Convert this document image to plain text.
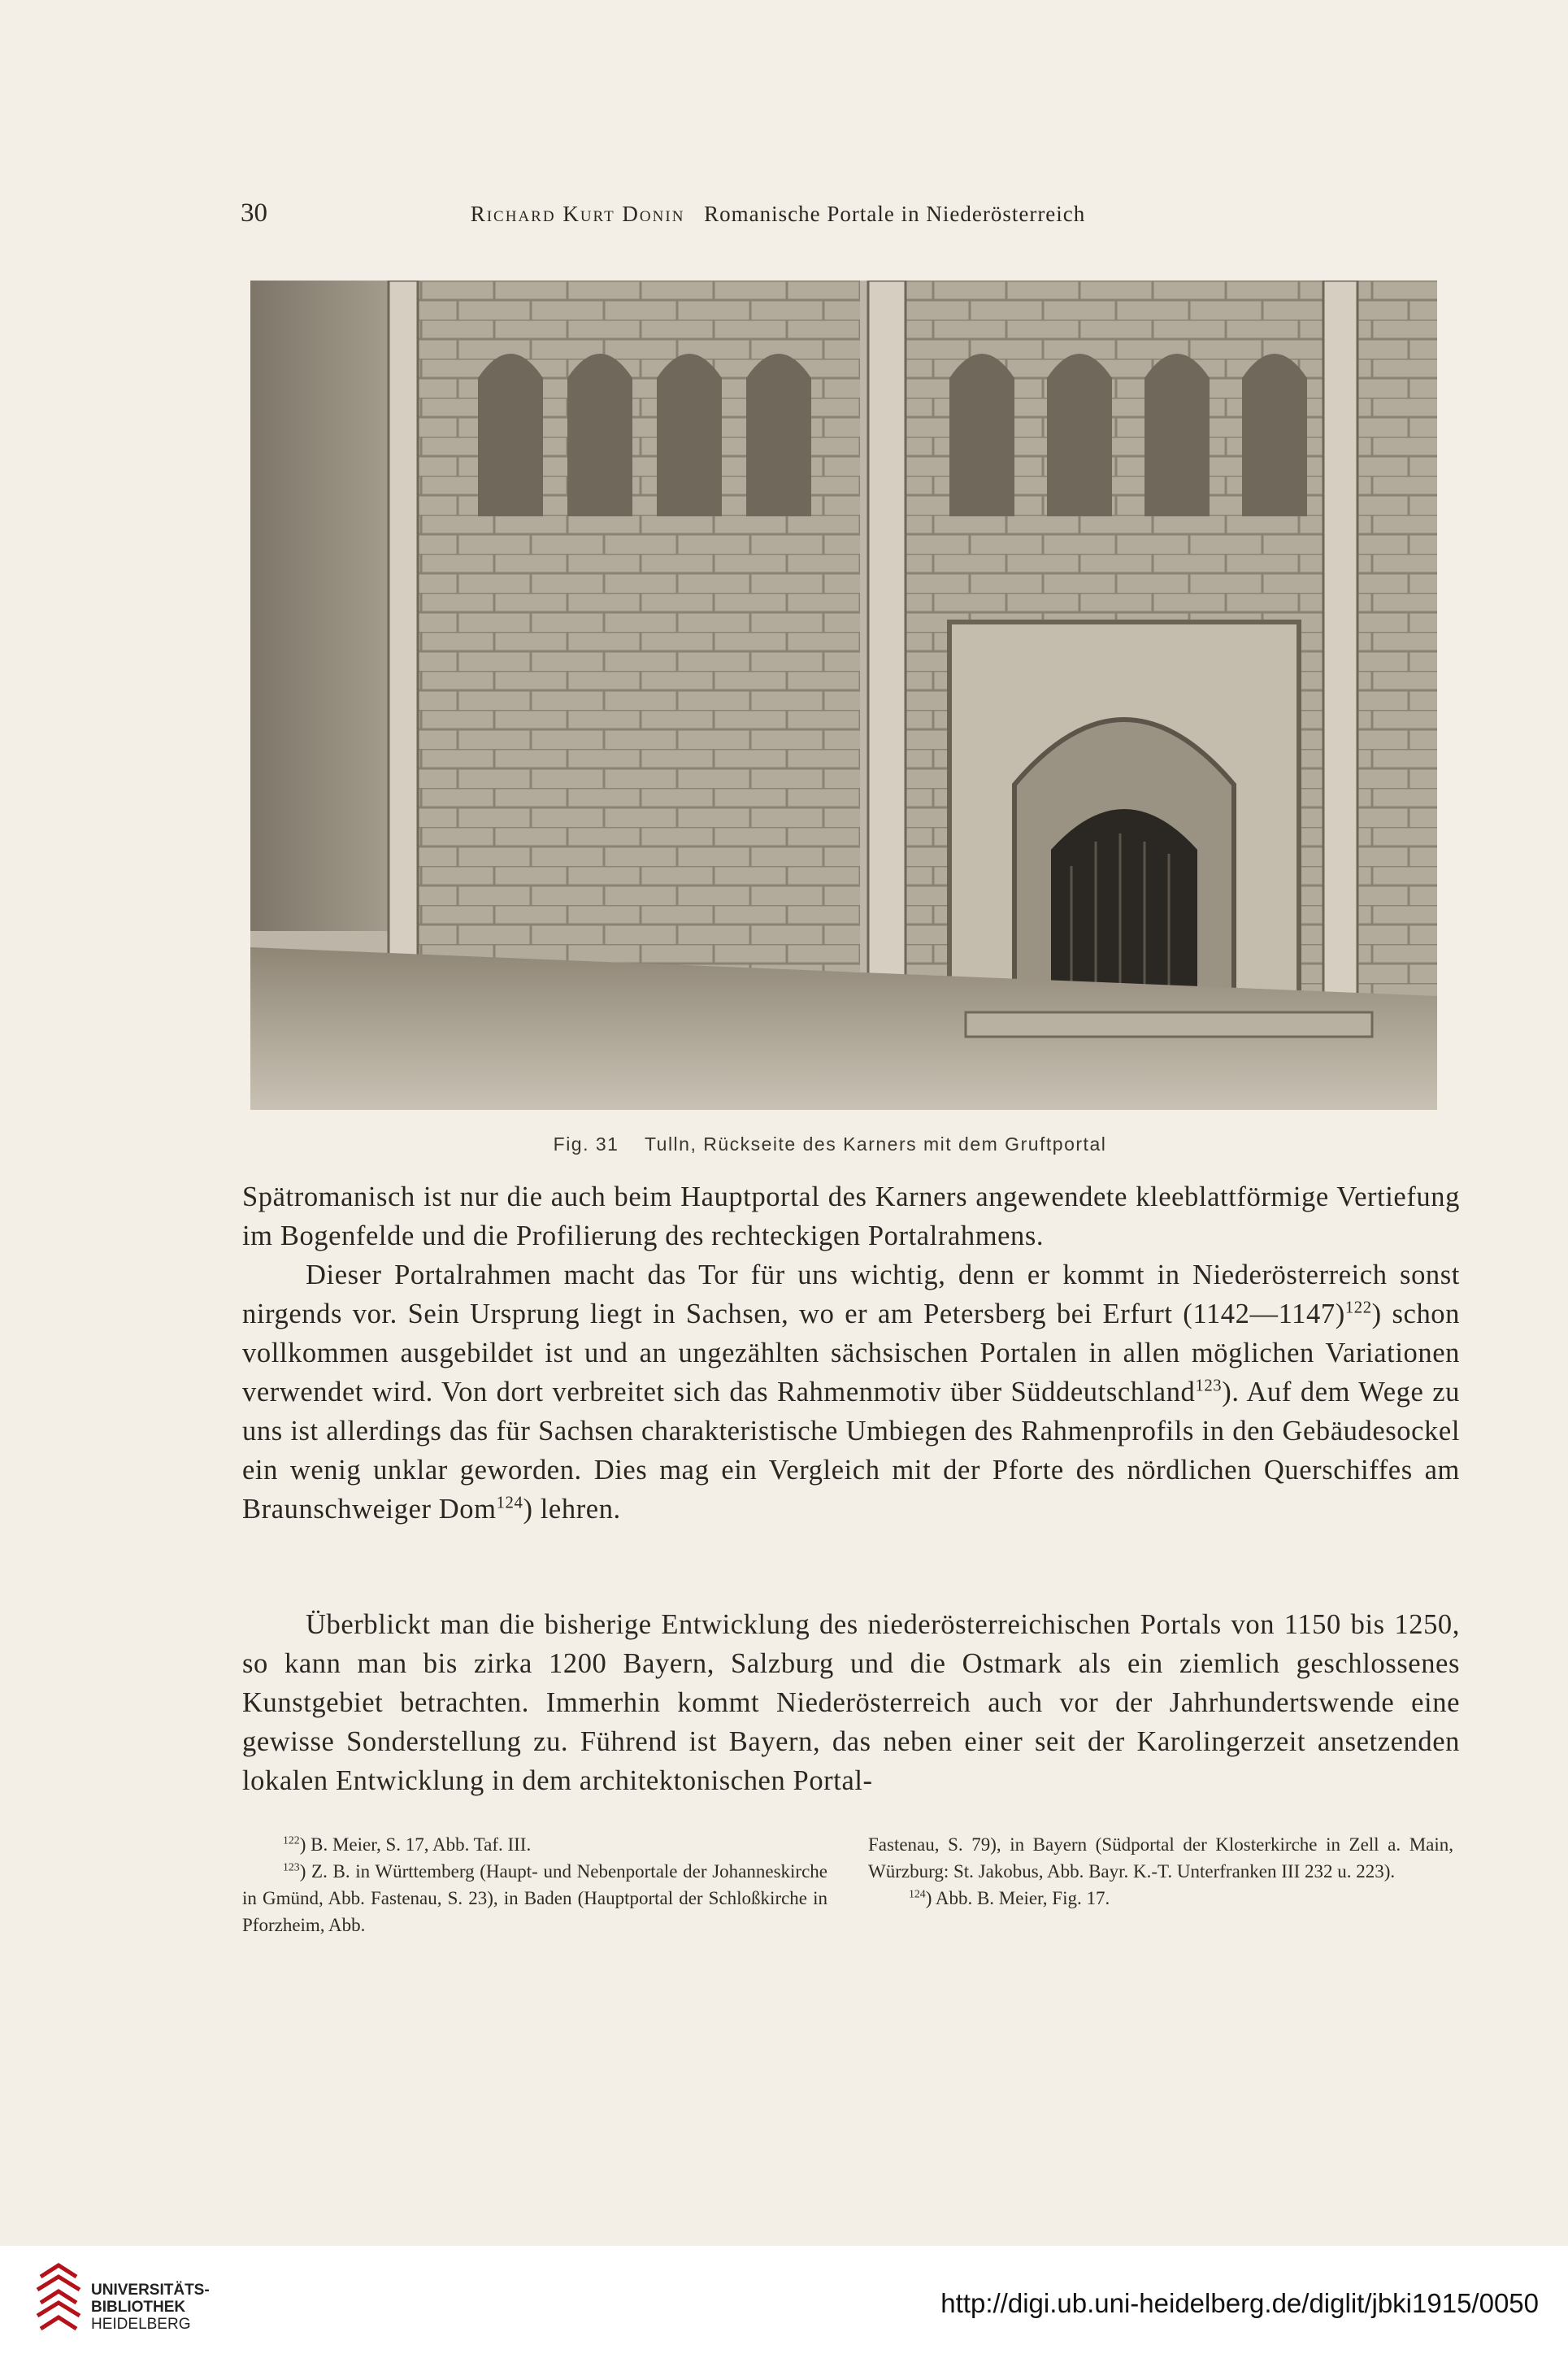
30	Richard Kurt Donin Romanische Portale in Niederösterreich
Fig. 31 Tulln, Rückseite des Karners mit dem Gruftportal

Spätromanisch ist nur die auch beim Hauptportal des Karners angewendete kleeblattförmige Vertiefung im Bogenfelde und die Profilierung des rechteckigen Portalrahmens.

Dieser Portalrahmen macht das Tor für uns wichtig, denn er kommt in Niederösterreich sonst nirgends vor. Sein Ursprung liegt in Sachsen, wo er am Petersberg bei Erfurt (1142—1147)$^{122}$) schon vollkommen ausgebildet ist und an ungezählten sächsischen Portalen in allen möglichen Variationen verwendet wird. Von dort verbreitet sich das Rahmenmotiv über Süddeutschland$^{123}$). Auf dem Wege zu uns ist allerdings das für Sachsen charakteristische Umbiegen des Rahmenprofils in den Gebäudesockel ein wenig unklar geworden. Dies mag ein Vergleich mit der Pforte des nördlichen Querschiffes am Braunschweiger Dom$^{124}$) lehren.

Überblickt man die bisherige Entwicklung des niederösterreichischen Portals von 1150 bis 1250, so kann man bis zirka 1200 Bayern, Salzburg und die Ostmark als ein ziemlich geschlossenes Kunstgebiet betrachten. Immerhin kommt Niederösterreich auch vor der Jahrhundertswende eine gewisse Sonderstellung zu. Führend ist Bayern, das neben einer seit der Karolingerzeit ansetzenden lokalen Entwicklung in dem architektonischen Portal-

$^{122}$) B. Meier, S. 17, Abb. Taf. III.

$^{123}$) Z. B. in Württemberg (Haupt- und Nebenportale der Johanneskirche in Gmünd, Abb. Fastenau, S. 23), in Baden (Hauptportal der Schloßkirche in Pforzheim, Abb.

Fastenau, S. 79), in Bayern (Südportal der Klosterkirche in Zell a. Main, Würzburg: St. Jakobus, Abb. Bayr. K.-T. Unterfranken III 232 u. 223).

$^{124}$) Abb. B. Meier, Fig. 17.

UNIVERSITÄTS-
BIBLIOTHEK
HEIDELBERG
http://digi.ub.uni-heidelberg.de/diglit/jbki1915/0050
